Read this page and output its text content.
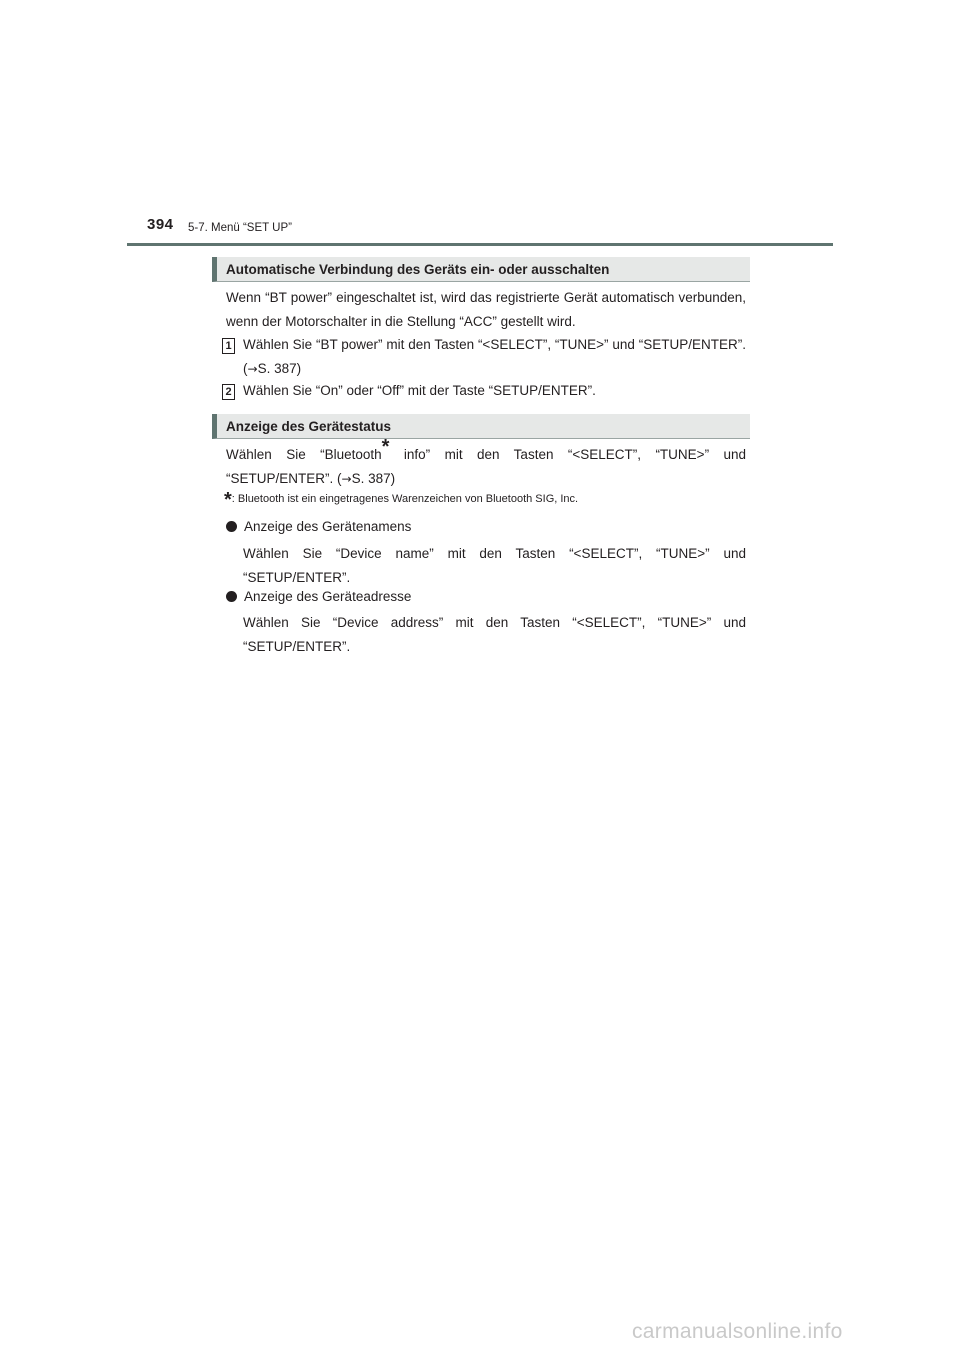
394 5-7. Menü “SET UP”
Automatische Verbindung des Geräts ein- oder ausschalten
Wenn “BT power” eingeschaltet ist, wird das registrierte Gerät automatisch verbunden, wenn der Motorschalter in die Stellung “ACC” gestellt wird.
1 Wählen Sie “BT power” mit den Tasten “<SELECT”, “TUNE>” und “SETUP/ENTER”. (→S. 387)
2 Wählen Sie “On” oder “Off” mit der Taste “SETUP/ENTER”.
Anzeige des Gerätestatus
Wählen Sie “Bluetooth* info” mit den Tasten “<SELECT”, “TUNE>” und “SETUP/ENTER”. (→S. 387)
*: Bluetooth ist ein eingetragenes Warenzeichen von Bluetooth SIG, Inc.
Anzeige des Gerätenamens
Wählen Sie “Device name” mit den Tasten “<SELECT”, “TUNE>” und “SETUP/ENTER”.
Anzeige des Geräteadresse
Wählen Sie “Device address” mit den Tasten “<SELECT”, “TUNE>” und “SETUP/ENTER”.
carmanualsonline.info
